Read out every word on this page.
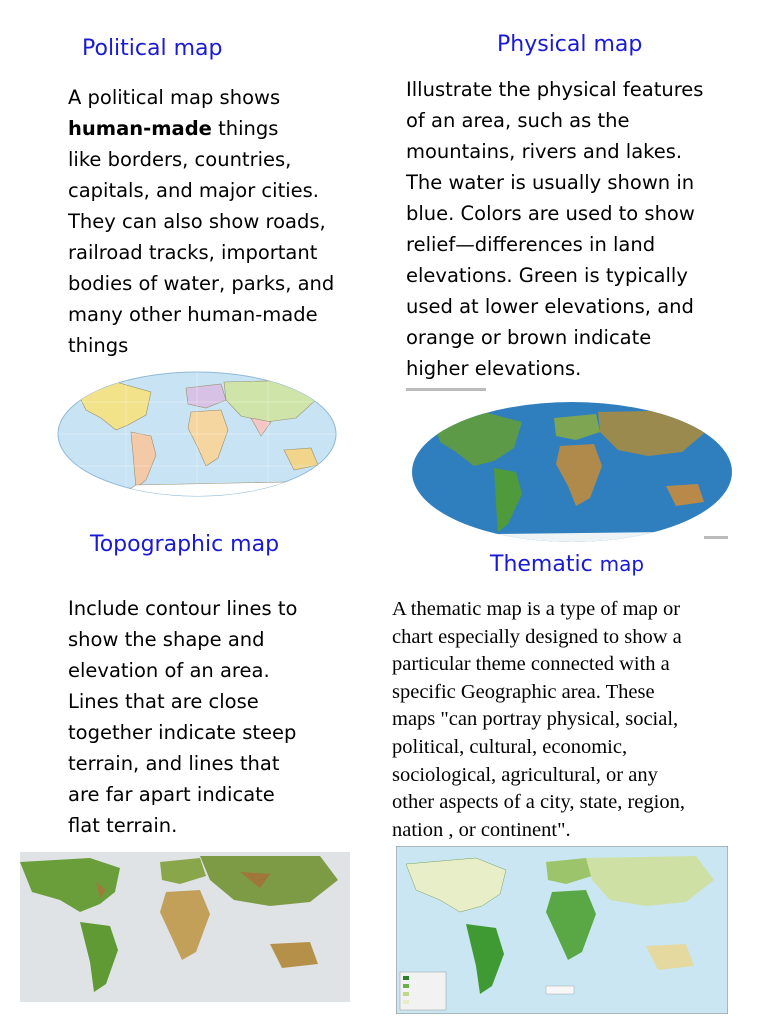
Political map
A political map shows
human-made things
like borders, countries,
capitals, and major cities.
They can also show roads,
railroad tracks, important
bodies of water, parks, and
many other human-made
things
Physical map
Illustrate the physical features
of an area, such as the
mountains, rivers and lakes.
The water is usually shown in
blue. Colors are used to show
relief—differences in land
elevations. Green is typically
used at lower elevations, and
orange or brown indicate
higher elevations.
Topographic map
Include contour lines to
show the shape and
elevation of an area.
Lines that are close
together indicate steep
terrain, and lines that
are far apart indicate
flat terrain.
Thematic map
A thematic map is a type of map or
chart especially designed to show a
particular theme connected with a
specific Geographic area. These
maps "can portray physical, social,
political, cultural, economic,
sociological, agricultural, or any
other aspects of a city, state, region,
nation , or continent".
